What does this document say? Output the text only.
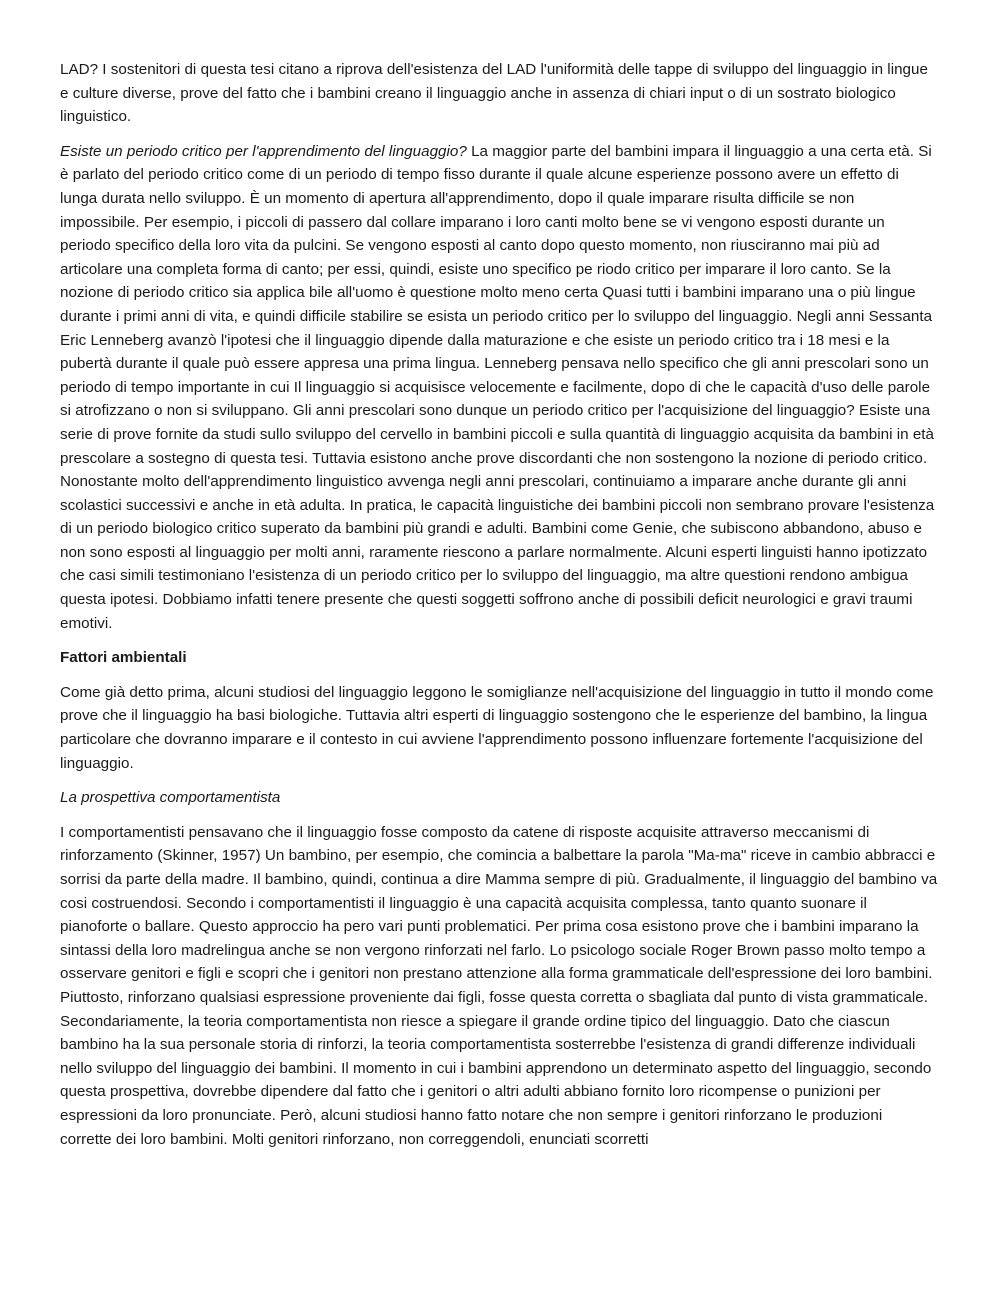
LAD? I sostenitori di questa tesi citano a riprova dell'esistenza del LAD l'uniformità delle tappe di sviluppo del linguaggio in lingue e culture diverse, prove del fatto che i bambini creano il linguaggio anche in assenza di chiari input o di un sostrato biologico linguistico.

Esiste un periodo critico per l'apprendimento del linguaggio? La maggior parte del bambini impara il linguaggio a una certa età. Si è parlato del periodo critico come di un periodo di tempo fisso durante il quale alcune esperienze possono avere un effetto di lunga durata nello sviluppo. È un momento di apertura all'apprendimento, dopo il quale imparare risulta difficile se non impossibile. Per esempio, i piccoli di passero dal collare imparano i loro canti molto bene se vi vengono esposti durante un periodo specifico della loro vita da pulcini. Se vengono esposti al canto dopo questo momento, non riusciranno mai più ad articolare una completa forma di canto; per essi, quindi, esiste uno specifico pe riodo critico per imparare il loro canto. Se la nozione di periodo critico sia applica bile all'uomo è questione molto meno certa Quasi tutti i bambini imparano una o più lingue durante i primi anni di vita, e quindi difficile stabilire se esista un periodo critico per lo sviluppo del linguaggio. Negli anni Sessanta Eric Lenneberg avanzò l'ipotesi che il linguaggio dipende dalla maturazione e che esiste un periodo critico tra i 18 mesi e la pubertà durante il quale può essere appresa una prima lingua. Lenneberg pensava nello specifico che gli anni prescolari sono un periodo di tempo importante in cui Il linguaggio si acquisisce velocemente e facilmente, dopo di che le capacità d'uso delle parole si atrofizzano o non si sviluppano. Gli anni prescolari sono dunque un periodo critico per l'acquisizione del linguaggio? Esiste una serie di prove fornite da studi sullo sviluppo del cervello in bambini piccoli e sulla quantità di linguaggio acquisita da bambini in età prescolare a sostegno di questa tesi. Tuttavia esistono anche prove discordanti che non sostengono la nozione di periodo critico. Nonostante molto dell'apprendimento linguistico avvenga negli anni prescolari, continuiamo a imparare anche durante gli anni scolastici successivi e anche in età adulta. In pratica, le capacità linguistiche dei bambini piccoli non sembrano provare l'esistenza di un periodo biologico critico superato da bambini più grandi e adulti. Bambini come Genie, che subiscono abbandono, abuso e non sono esposti al linguaggio per molti anni, raramente riescono a parlare normalmente. Alcuni esperti linguisti hanno ipotizzato che casi simili testimoniano l'esistenza di un periodo critico per lo sviluppo del linguaggio, ma altre questioni rendono ambigua questa ipotesi. Dobbiamo infatti tenere presente che questi soggetti soffrono anche di possibili deficit neurologici e gravi traumi emotivi.

Fattori ambientali

Come già detto prima, alcuni studiosi del linguaggio leggono le somiglianze nell'acquisizione del linguaggio in tutto il mondo come prove che il linguaggio ha basi biologiche. Tuttavia altri esperti di linguaggio sostengono che le esperienze del bambino, la lingua particolare che dovranno imparare e il contesto in cui avviene l'apprendimento possono influenzare fortemente l'acquisizione del linguaggio.

La prospettiva comportamentista

I comportamentisti pensavano che il linguaggio fosse composto da catene di risposte acquisite attraverso meccanismi di rinforzamento (Skinner, 1957) Un bambino, per esempio, che comincia a balbettare la parola "Ma-ma" riceve in cambio abbracci e sorrisi da parte della madre. Il bambino, quindi, continua a dire Mamma sempre di più. Gradualmente, il linguaggio del bambino va cosi costruendosi. Secondo i comportamentisti il linguaggio è una capacità acquisita complessa, tanto quanto suonare il pianoforte o ballare. Questo approccio ha pero vari punti problematici. Per prima cosa esistono prove che i bambini imparano la sintassi della loro madrelingua anche se non vergono rinforzati nel farlo. Lo psicologo sociale Roger Brown passo molto tempo a osservare genitori e figli e scopri che i genitori non prestano attenzione alla forma grammaticale dell'espressione dei loro bambini. Piuttosto, rinforzano qualsiasi espressione proveniente dai figli, fosse questa corretta o sbagliata dal punto di vista grammaticale. Secondariamente, la teoria comportamentista non riesce a spiegare il grande ordine tipico del linguaggio. Dato che ciascun bambino ha la sua personale storia di rinforzi, la teoria comportamentista sosterrebbe l'esistenza di grandi differenze individuali nello sviluppo del linguaggio dei bambini. Il momento in cui i bambini apprendono un determinato aspetto del linguaggio, secondo questa prospettiva, dovrebbe dipendere dal fatto che i genitori o altri adulti abbiano fornito loro ricompense o punizioni per espressioni da loro pronunciate. Però, alcuni studiosi hanno fatto notare che non sempre i genitori rinforzano le produzioni corrette dei loro bambini. Molti genitori rinforzano, non correggendoli, enunciati scorretti
